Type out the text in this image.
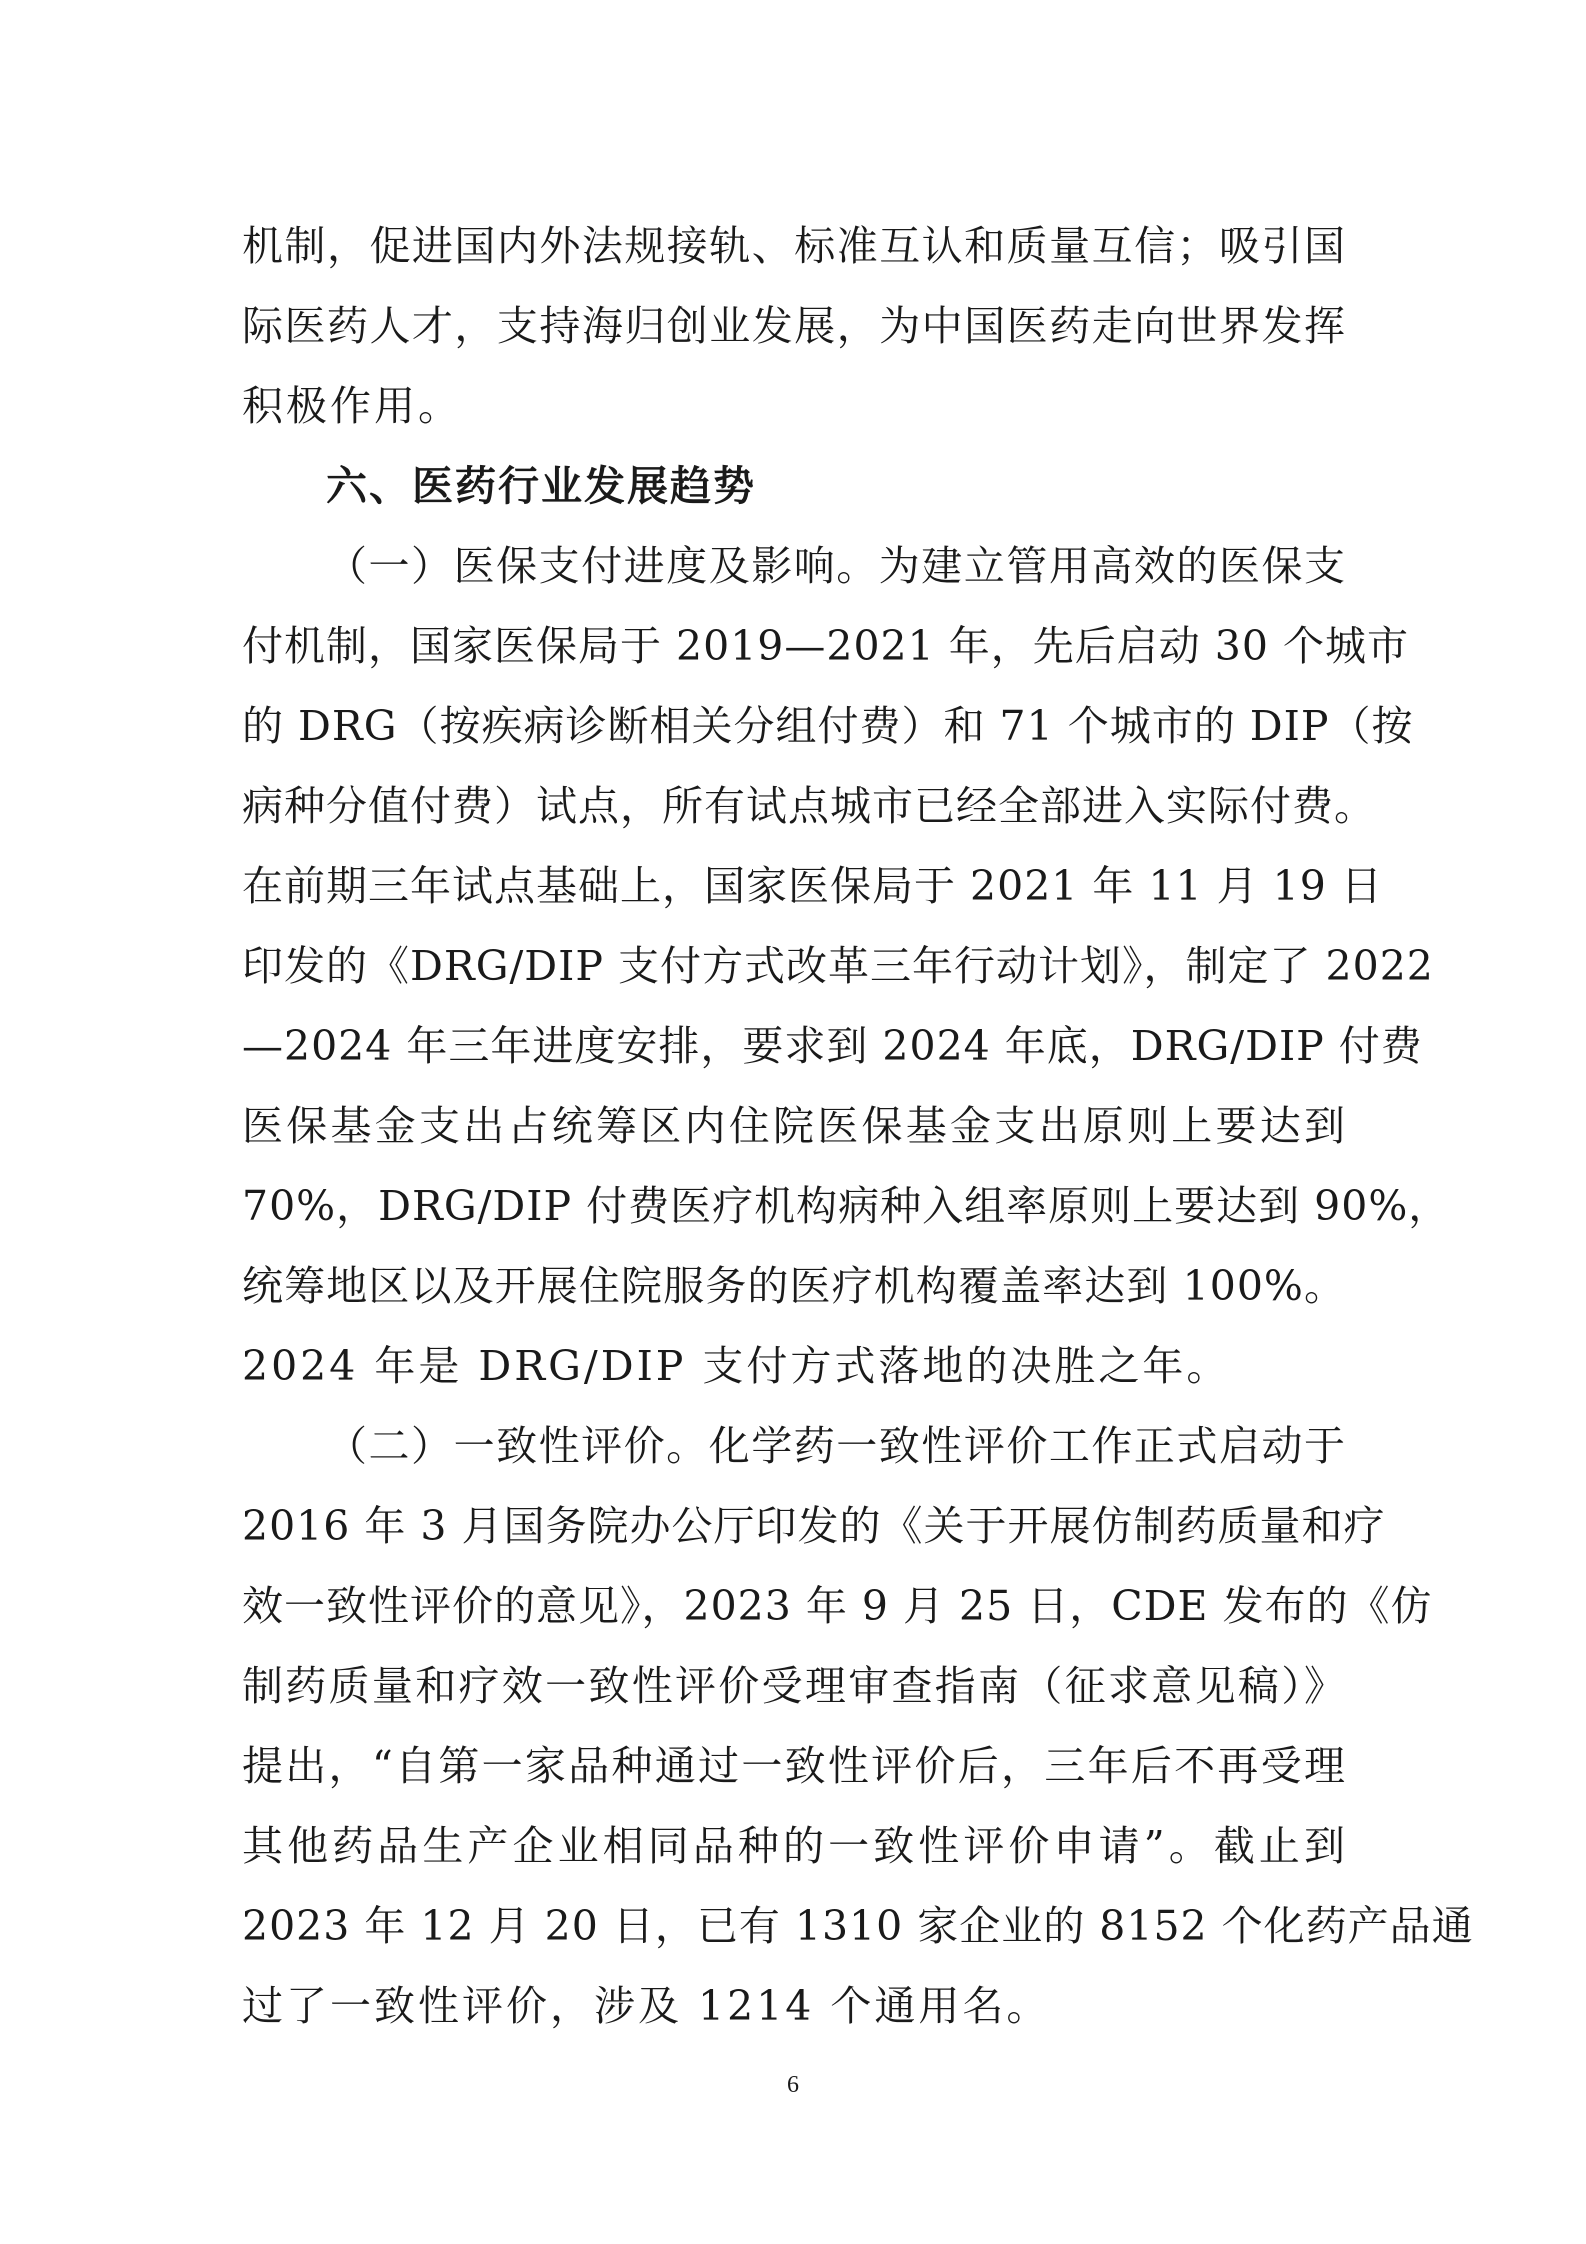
机制，促进国内外法规接轨、标准互认和质量互信；吸引国
际医药人才，支持海归创业发展，为中国医药走向世界发挥
积极作用。
六、医药行业发展趋势
（一）医保支付进度及影响。为建立管用高效的医保支
付机制，国家医保局于 2019—2021 年，先后启动 30 个城市
的 DRG（按疾病诊断相关分组付费）和 71 个城市的 DIP（按
病种分值付费）试点，所有试点城市已经全部进入实际付费。
在前期三年试点基础上，国家医保局于 2021 年 11 月 19 日
印发的《DRG/DIP 支付方式改革三年行动计划》，制定了 2022
—2024 年三年进度安排，要求到 2024 年底，DRG/DIP 付费
医保基金支出占统筹区内住院医保基金支出原则上要达到
70%，DRG/DIP 付费医疗机构病种入组率原则上要达到 90%，
统筹地区以及开展住院服务的医疗机构覆盖率达到 100%。
2024 年是 DRG/DIP 支付方式落地的决胜之年。
（二）一致性评价。化学药一致性评价工作正式启动于
2016 年 3 月国务院办公厅印发的《关于开展仿制药质量和疗
效一致性评价的意见》，2023 年 9 月 25 日，CDE 发布的《仿
制药质量和疗效一致性评价受理审查指南（征求意见稿）》
提出，“自第一家品种通过一致性评价后，三年后不再受理
其他药品生产企业相同品种的一致性评价申请”。截止到
2023 年 12 月 20 日，已有 1310 家企业的 8152 个化药产品通
过了一致性评价，涉及 1214 个通用名。
6
